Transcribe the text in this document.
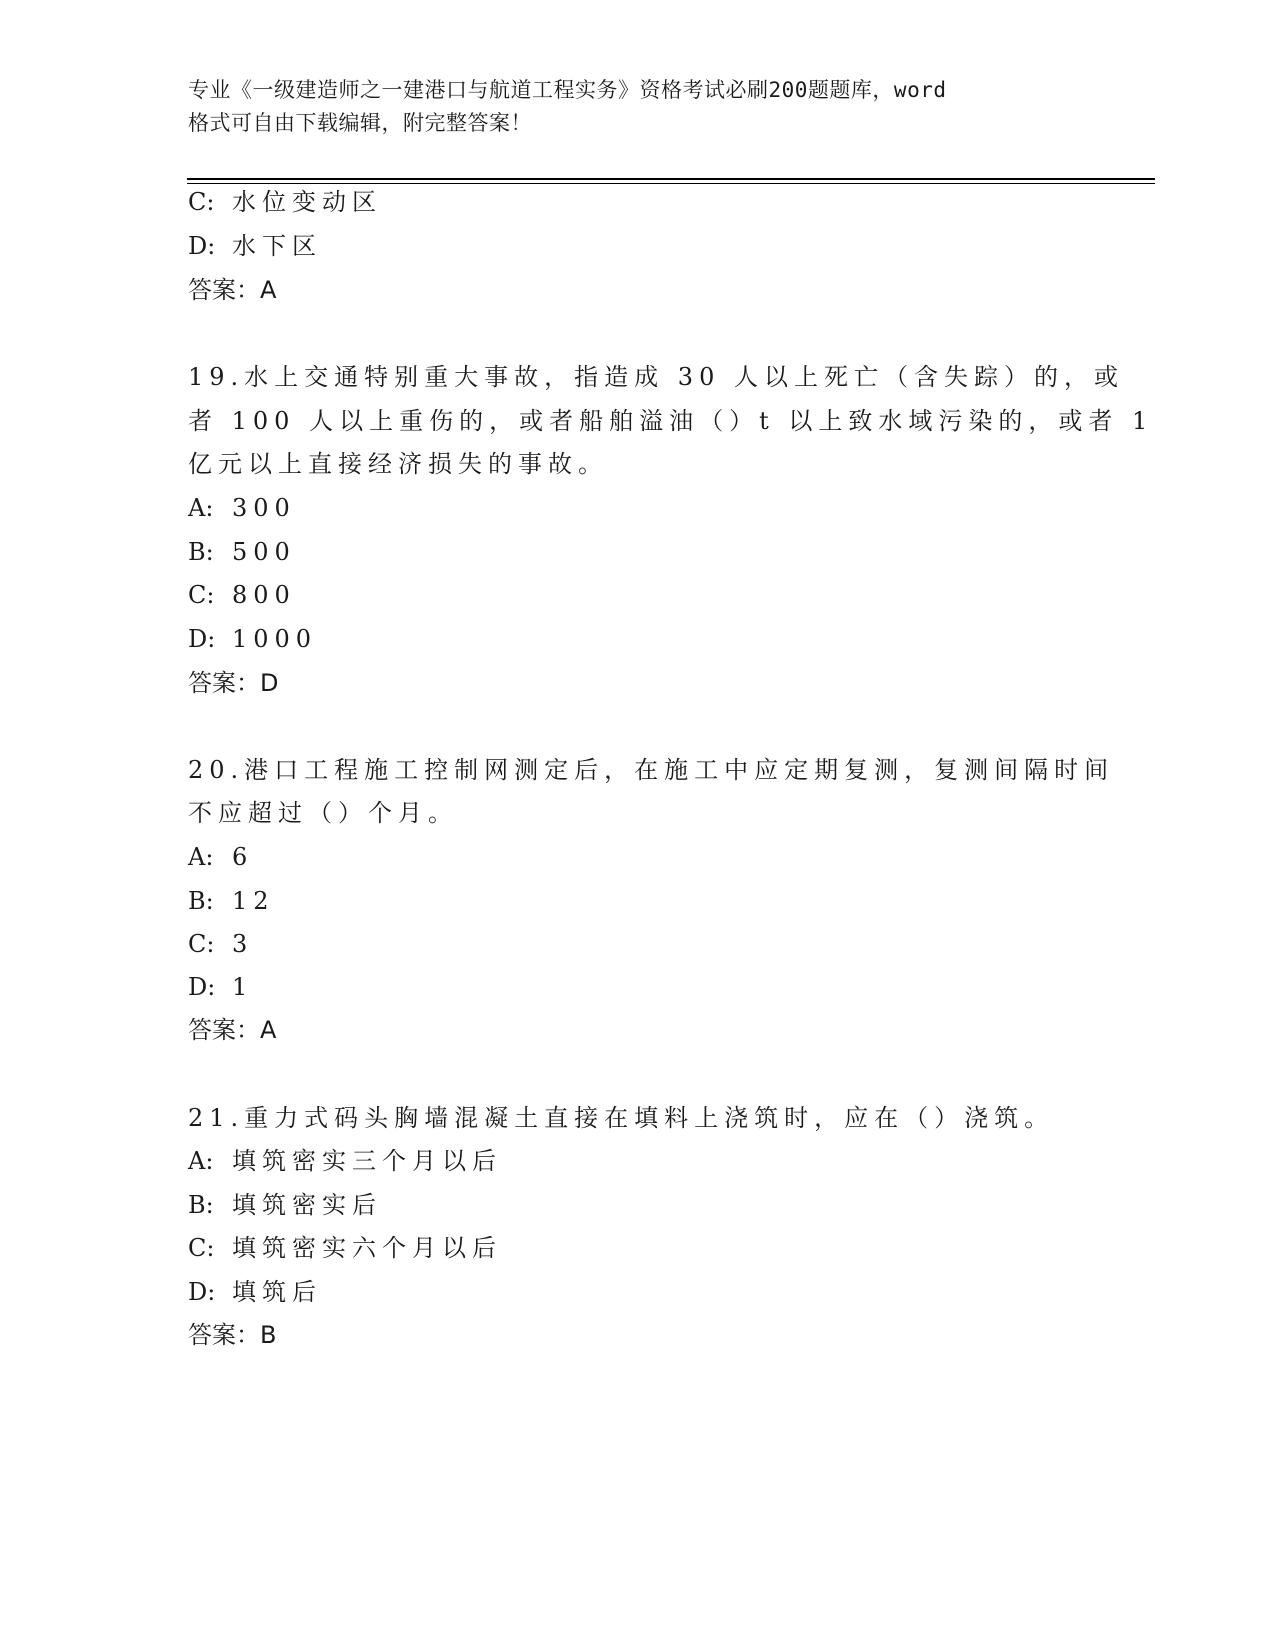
专业《一级建造师之一建港口与航道工程实务》资格考试必刷200题题库，word
格式可自由下载编辑，附完整答案！
C: 水位变动区
D: 水下区
答案：A
19.水上交通特别重大事故，指造成 30 人以上死亡（含失踪）的，或
者 100 人以上重伤的，或者船舶溢油（）t 以上致水域污染的，或者 1
亿元以上直接经济损失的事故。
A: 300
B: 500
C: 800
D: 1000
答案：D
20.港口工程施工控制网测定后，在施工中应定期复测，复测间隔时间
不应超过（）个月。
A: 6
B: 12
C: 3
D: 1
答案：A
21.重力式码头胸墙混凝土直接在填料上浇筑时，应在（）浇筑。
A: 填筑密实三个月以后
B: 填筑密实后
C: 填筑密实六个月以后
D: 填筑后
答案：B
